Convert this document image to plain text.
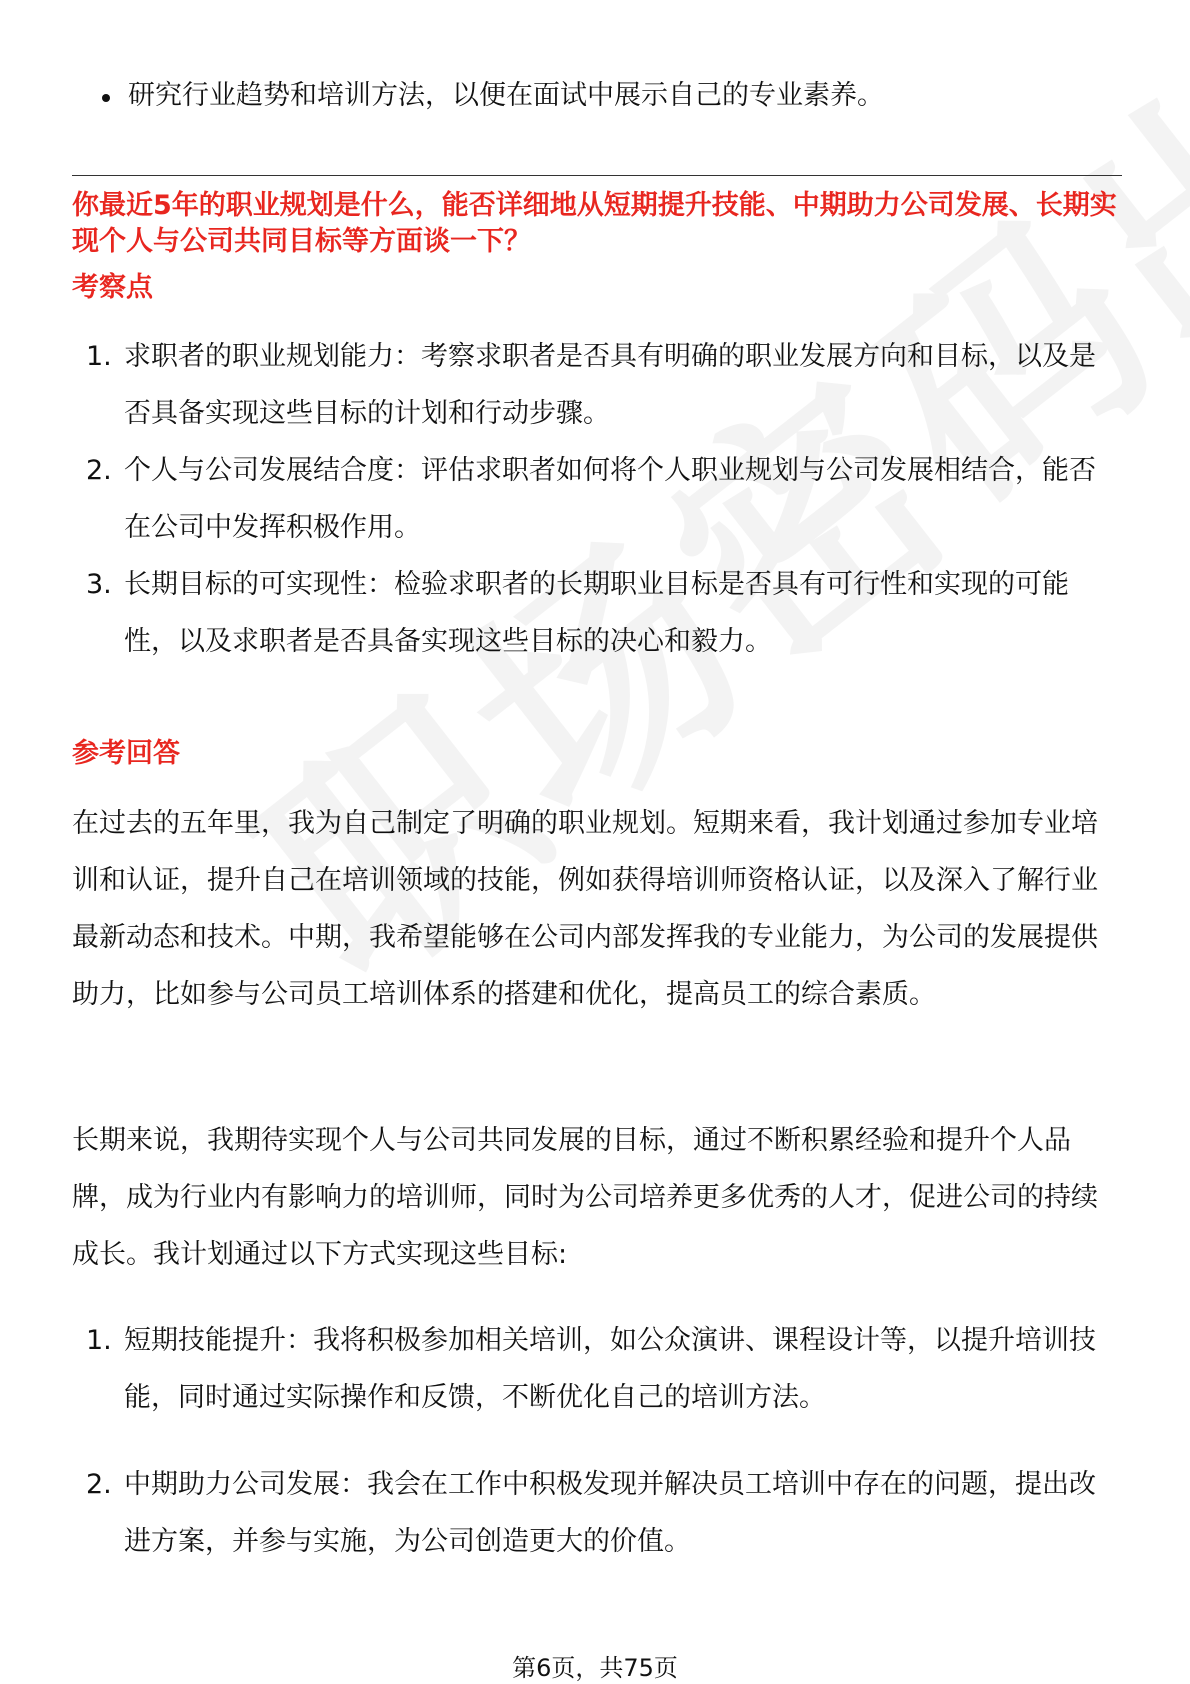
研究行业趋势和培训方法，以便在面试中展示自己的专业素养。
你最近5年的职业规划是什么，能否详细地从短期提升技能、中期助力公司发展、长期实现个人与公司共同目标等方面谈一下？
考察点
1. 求职者的职业规划能力：考察求职者是否具有明确的职业发展方向和目标，以及是否具备实现这些目标的计划和行动步骤。
2. 个人与公司发展结合度：评估求职者如何将个人职业规划与公司发展相结合，能否在公司中发挥积极作用。
3. 长期目标的可实现性：检验求职者的长期职业目标是否具有可行性和实现的可能性，以及求职者是否具备实现这些目标的决心和毅力。
参考回答
在过去的五年里，我为自己制定了明确的职业规划。短期来看，我计划通过参加专业培训和认证，提升自己在培训领域的技能，例如获得培训师资格认证，以及深入了解行业最新动态和技术。中期，我希望能够在公司内部发挥我的专业能力，为公司的发展提供助力，比如参与公司员工培训体系的搭建和优化，提高员工的综合素质。
长期来说，我期待实现个人与公司共同发展的目标，通过不断积累经验和提升个人品牌，成为行业内有影响力的培训师，同时为公司培养更多优秀的人才，促进公司的持续成长。我计划通过以下方式实现这些目标:
1. 短期技能提升：我将积极参加相关培训，如公众演讲、课程设计等，以提升培训技能，同时通过实际操作和反馈，不断优化自己的培训方法。
2. 中期助力公司发展：我会在工作中积极发现并解决员工培训中存在的问题，提出改进方案，并参与实施，为公司创造更大的价值。
第6页，共75页
